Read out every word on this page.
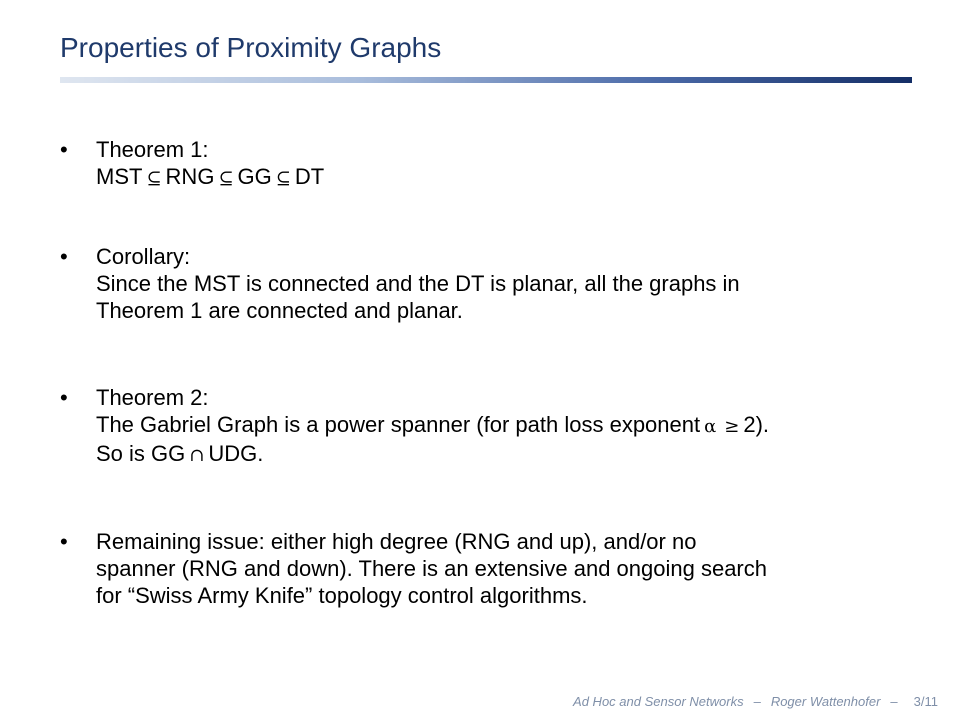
Properties of Proximity Graphs
• Theorem 1:
MST ⊆ RNG ⊆ GG ⊆ DT
• Corollary:
Since the MST is connected and the DT is planar, all the graphs in
Theorem 1 are connected and planar.
• Theorem 2:
The Gabriel Graph is a power spanner (for path loss exponent α ≥ 2).
So is GG ∩ UDG.
• Remaining issue: either high degree (RNG and up), and/or no
spanner (RNG and down). There is an extensive and ongoing search
for “Swiss Army Knife” topology control algorithms.
Ad Hoc and Sensor Networks – Roger Wattenhofer – 3/11
